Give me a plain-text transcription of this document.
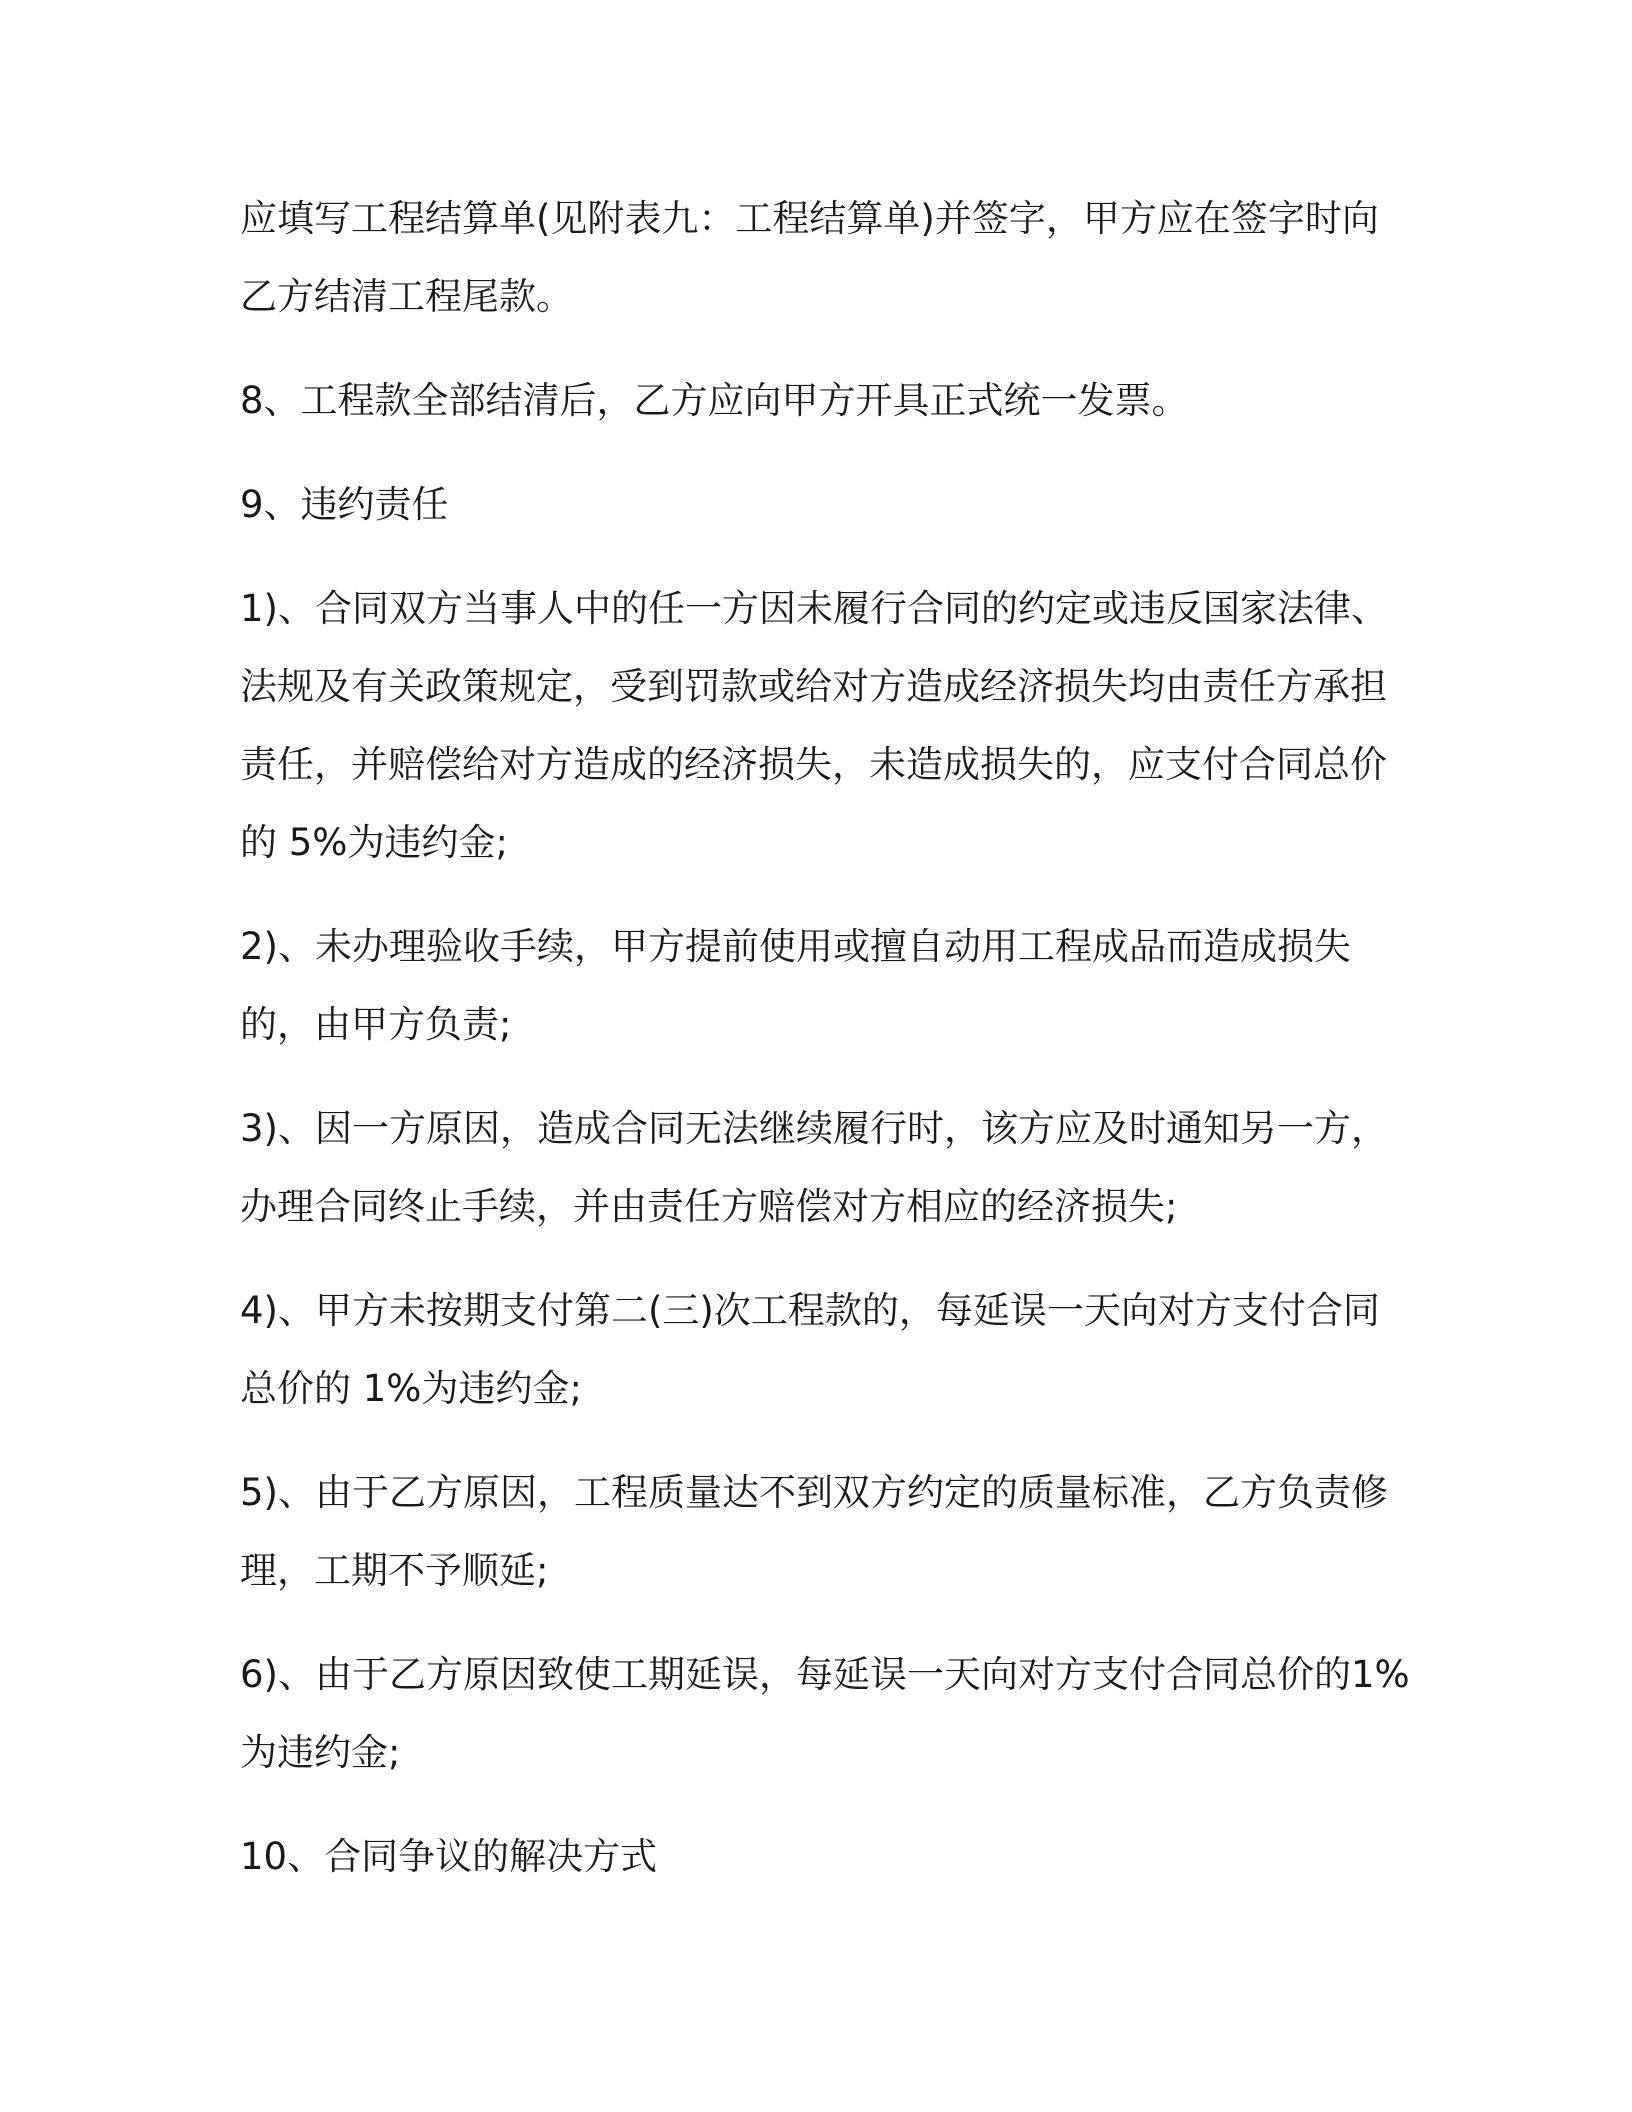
应填写工程结算单(见附表九：工程结算单)并签字，甲方应在签字时向乙方结清工程尾款。

8、工程款全部结清后，乙方应向甲方开具正式统一发票。

9、违约责任

1)、合同双方当事人中的任一方因未履行合同的约定或违反国家法律、法规及有关政策规定，受到罚款或给对方造成经济损失均由责任方承担责任，并赔偿给对方造成的经济损失，未造成损失的，应支付合同总价的 5%为违约金;

2)、未办理验收手续，甲方提前使用或擅自动用工程成品而造成损失的，由甲方负责;

3)、因一方原因，造成合同无法继续履行时，该方应及时通知另一方，办理合同终止手续，并由责任方赔偿对方相应的经济损失;

4)、甲方未按期支付第二(三)次工程款的，每延误一天向对方支付合同总价的 1%为违约金;

5)、由于乙方原因，工程质量达不到双方约定的质量标准，乙方负责修理，工期不予顺延;

6)、由于乙方原因致使工期延误，每延误一天向对方支付合同总价的1%为违约金;

10、合同争议的解决方式
